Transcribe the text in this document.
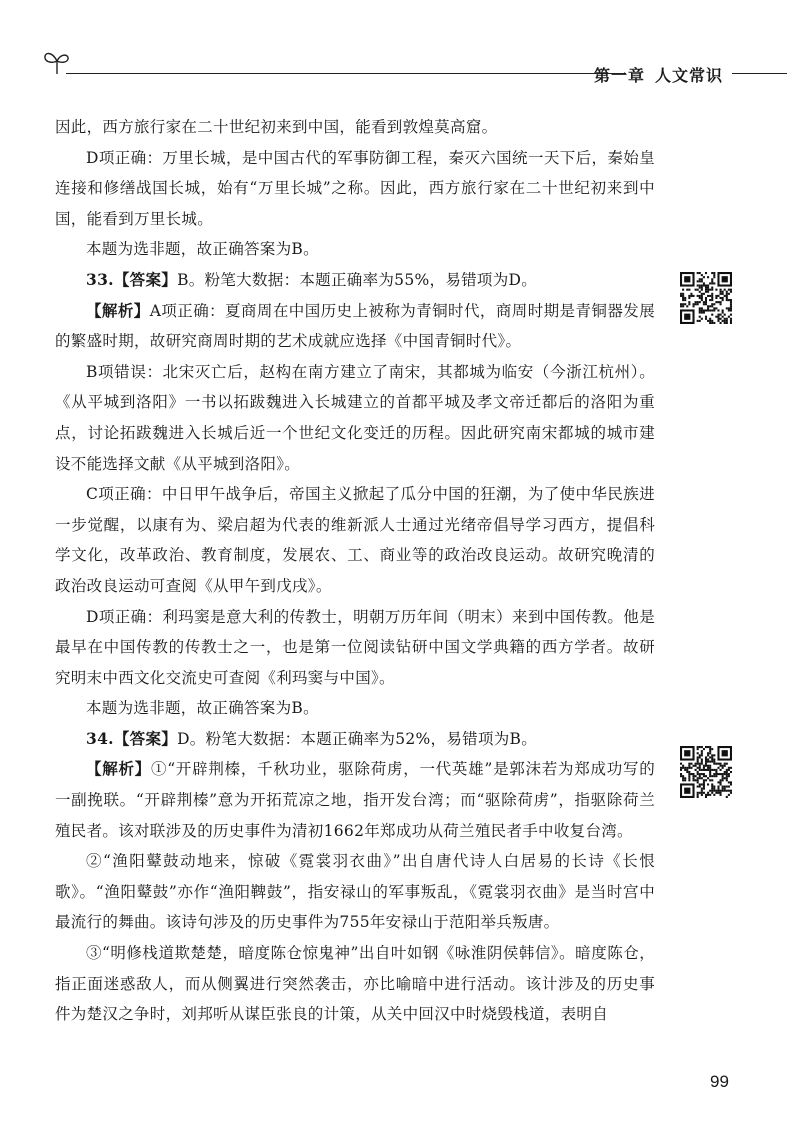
第一章 人文常识

因此，西方旅行家在二十世纪初来到中国，能看到敦煌莫高窟。

D项正确：万里长城，是中国古代的军事防御工程，秦灭六国统一天下后，秦始皇连接和修缮战国长城，始有“万里长城”之称。因此，西方旅行家在二十世纪初来到中国，能看到万里长城。

本题为选非题，故正确答案为B。

33.【答案】B。粉笔大数据：本题正确率为55%，易错项为D。

【解析】A项正确：夏商周在中国历史上被称为青铜时代，商周时期是青铜器发展的繁盛时期，故研究商周时期的艺术成就应选择《中国青铜时代》。

B项错误：北宋灭亡后，赵构在南方建立了南宋，其都城为临安（今浙江杭州）。《从平城到洛阳》一书以拓跋魏进入长城建立的首都平城及孝文帝迁都后的洛阳为重点，讨论拓跋魏进入长城后近一个世纪文化变迁的历程。因此研究南宋都城的城市建设不能选择文献《从平城到洛阳》。

C项正确：中日甲午战争后，帝国主义掀起了瓜分中国的狂潮，为了使中华民族进一步觉醒，以康有为、梁启超为代表的维新派人士通过光绪帝倡导学习西方，提倡科学文化，改革政治、教育制度，发展农、工、商业等的政治改良运动。故研究晚清的政治改良运动可查阅《从甲午到戊戌》。

D项正确：利玛窦是意大利的传教士，明朝万历年间（明末）来到中国传教。他是最早在中国传教的传教士之一，也是第一位阅读钻研中国文学典籍的西方学者。故研究明末中西文化交流史可查阅《利玛窦与中国》。

本题为选非题，故正确答案为B。

34.【答案】D。粉笔大数据：本题正确率为52%，易错项为B。

【解析】①“开辟荆榛，千秋功业，驱除荷虏，一代英雄”是郭沫若为郑成功写的一副挽联。“开辟荆榛”意为开拓荒凉之地，指开发台湾；而“驱除荷虏”，指驱除荷兰殖民者。该对联涉及的历史事件为清初1662年郑成功从荷兰殖民者手中收复台湾。

②“渔阳鼙鼓动地来，惊破《霓裳羽衣曲》”出自唐代诗人白居易的长诗《长恨歌》。“渔阳鼙鼓”亦作“渔阳鞞鼓”，指安禄山的军事叛乱，《霓裳羽衣曲》是当时宫中最流行的舞曲。该诗句涉及的历史事件为755年安禄山于范阳举兵叛唐。

③“明修栈道欺楚楚，暗度陈仓惊鬼神”出自叶如钢《咏淮阴侯韩信》。暗度陈仓，指正面迷惑敌人，而从侧翼进行突然袭击，亦比喻暗中进行活动。该计涉及的历史事件为楚汉之争时，刘邦听从谋臣张良的计策，从关中回汉中时烧毁栈道，表明自

99
